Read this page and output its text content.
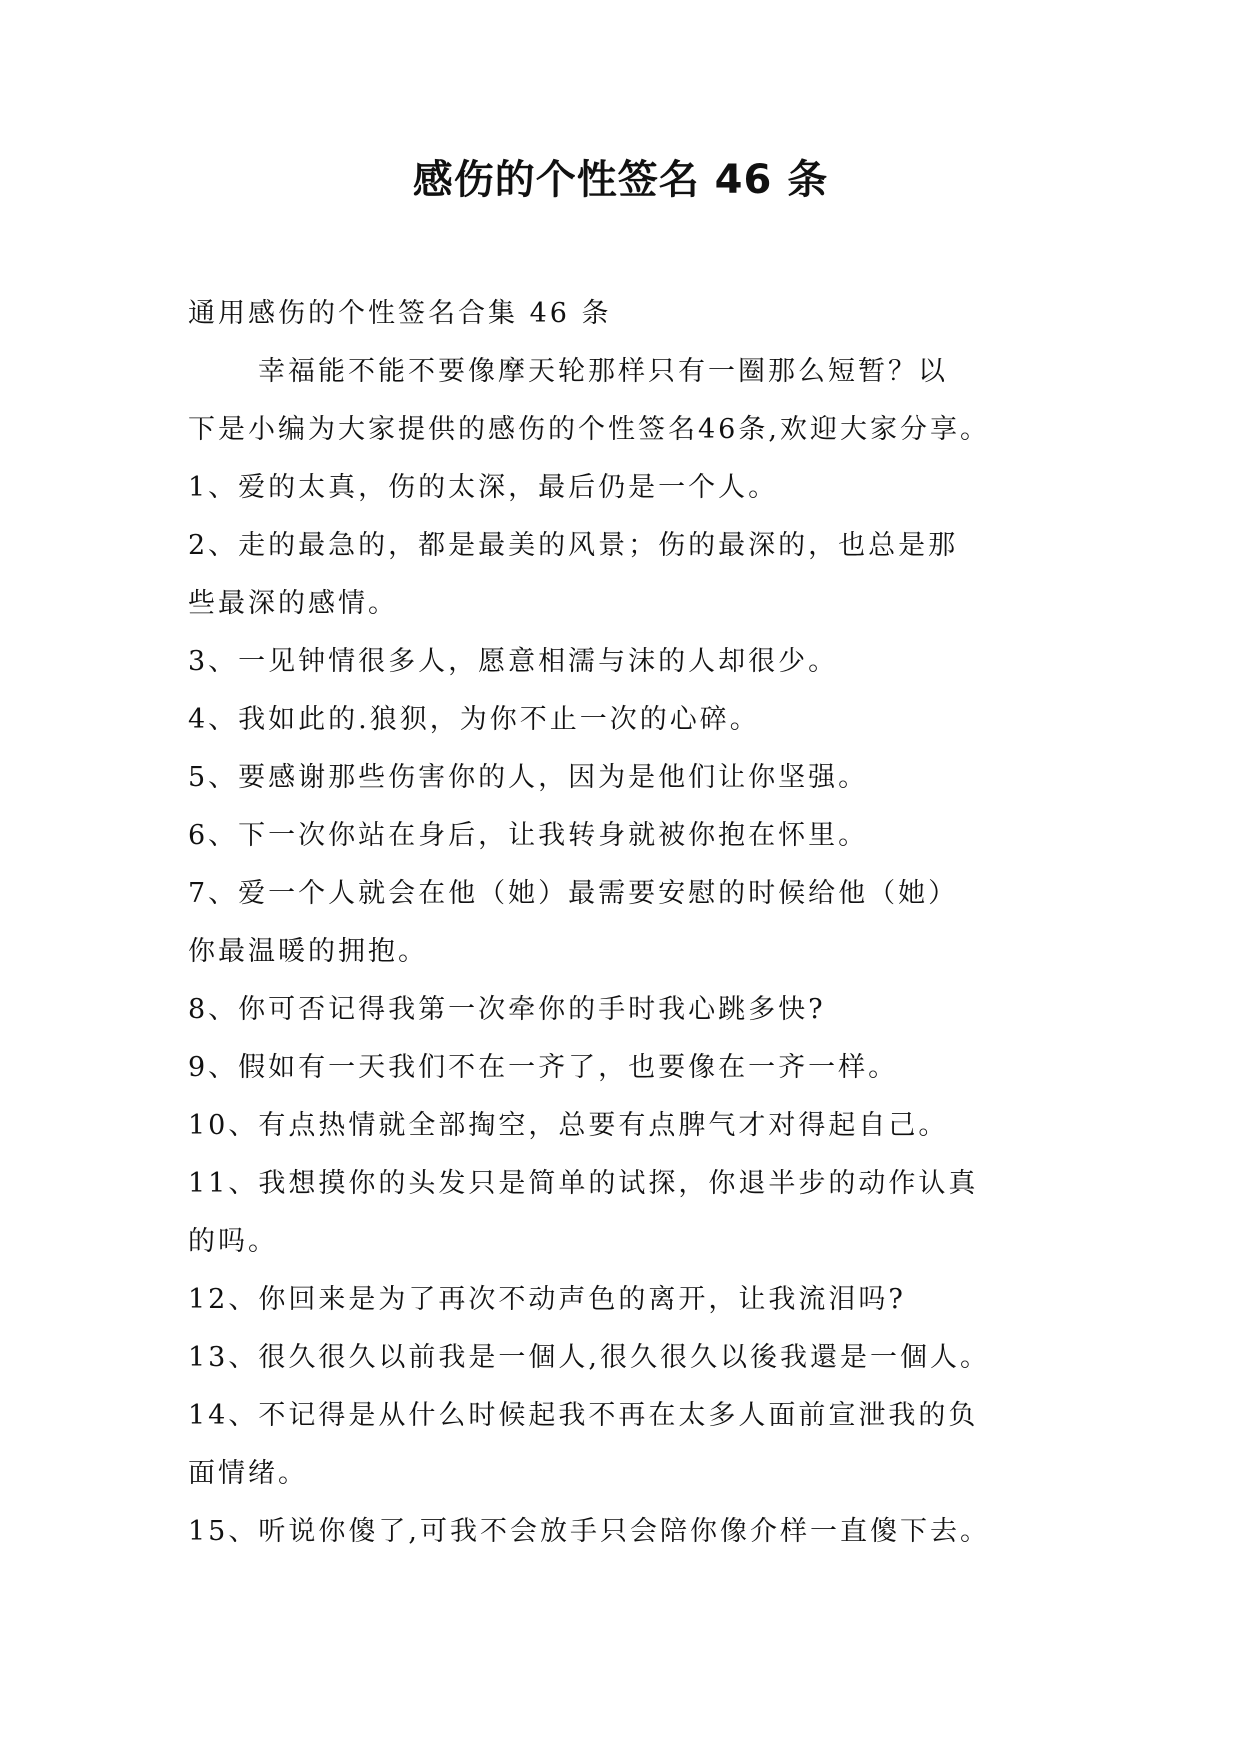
感伤的个性签名 46 条
通用感伤的个性签名合集 46 条
幸福能不能不要像摩天轮那样只有一圈那么短暂？以
下是小编为大家提供的感伤的个性签名46条,欢迎大家分享。
1、爱的太真，伤的太深，最后仍是一个人。
2、走的最急的，都是最美的风景；伤的最深的，也总是那
些最深的感情。
3、一见钟情很多人，愿意相濡与沫的人却很少。
4、我如此的.狼狈，为你不止一次的心碎。
5、要感谢那些伤害你的人，因为是他们让你坚强。
6、下一次你站在身后，让我转身就被你抱在怀里。
7、爱一个人就会在他（她）最需要安慰的时候给他（她）
你最温暖的拥抱。
8、你可否记得我第一次牵你的手时我心跳多快?
9、假如有一天我们不在一齐了，也要像在一齐一样。
10、有点热情就全部掏空，总要有点脾气才对得起自己。
11、我想摸你的头发只是简单的试探，你退半步的动作认真
的吗。
12、你回来是为了再次不动声色的离开，让我流泪吗?
13、很久很久以前我是一個人,很久很久以後我還是一個人。
14、不记得是从什么时候起我不再在太多人面前宣泄我的负
面情绪。
15、听说你傻了,可我不会放手只会陪你像介样一直傻下去。
